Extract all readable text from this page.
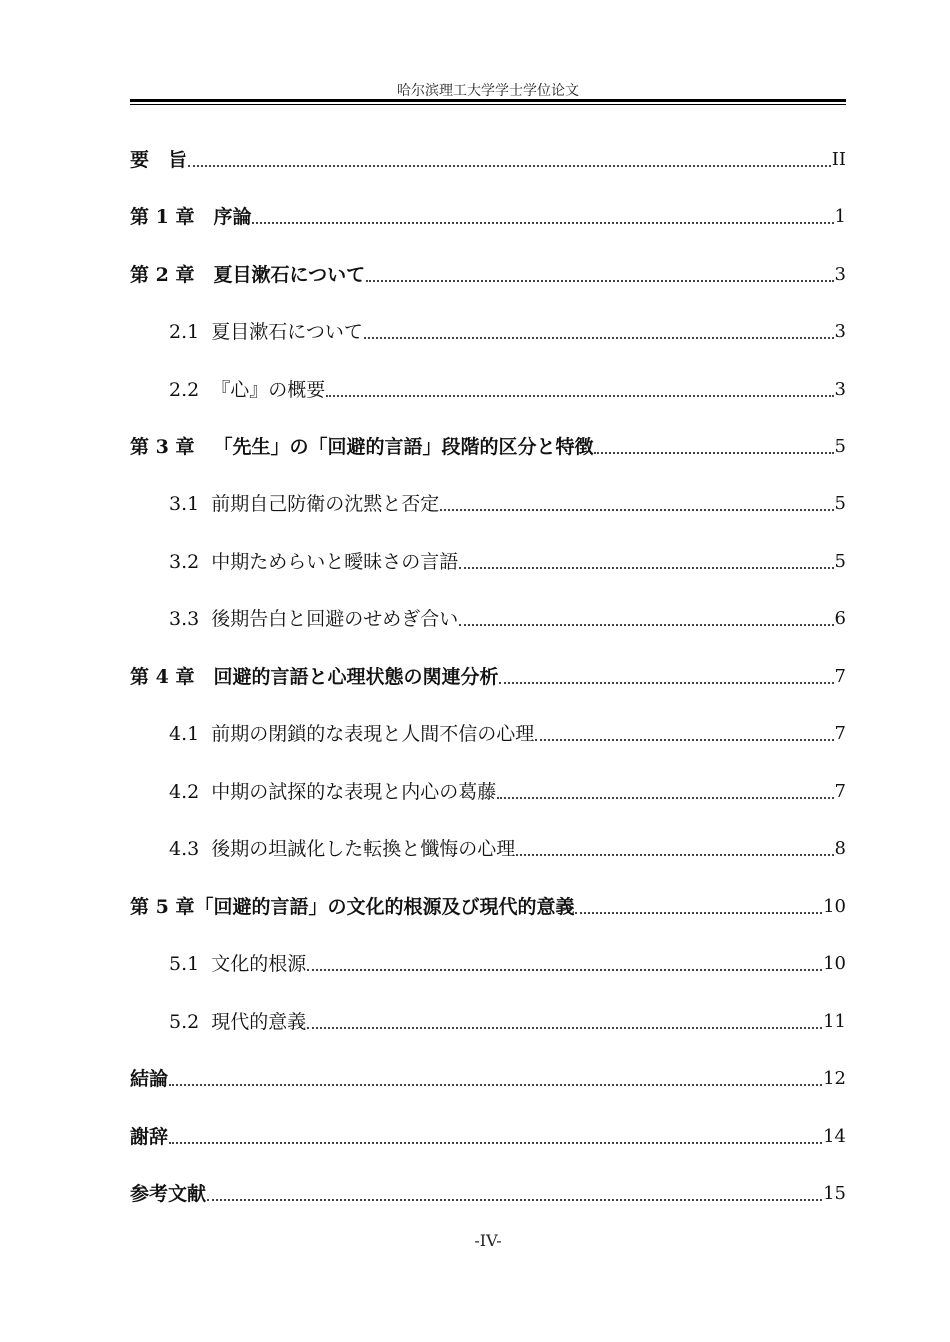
哈尔滨理工大学学士学位论文
要　旨	II
第 1 章　 序論	1
第 2 章　 夏目漱石について	3
2.1 夏目漱石について	3
2.2 『心』の概要	3
第 3 章　 「先生」の「回避的言語」段階的区分と特徴	5
3.1 前期自己防衛の沈黙と否定	5
3.2 中期ためらいと曖昧さの言語	5
3.3 後期告白と回避のせめぎ合い	6
第 4 章　 回避的言語と心理状態の関連分析	7
4.1 前期の閉鎖的な表現と人間不信の心理	7
4.2 中期の試探的な表現と内心の葛藤	7
4.3 後期の坦誠化した転換と懺悔の心理	8
第 5 章 「回避的言語」の文化的根源及び現代的意義	10
5.1 文化的根源	10
5.2 現代的意義	11
結論	12
謝辞	14
参考文献	15
-IV-
